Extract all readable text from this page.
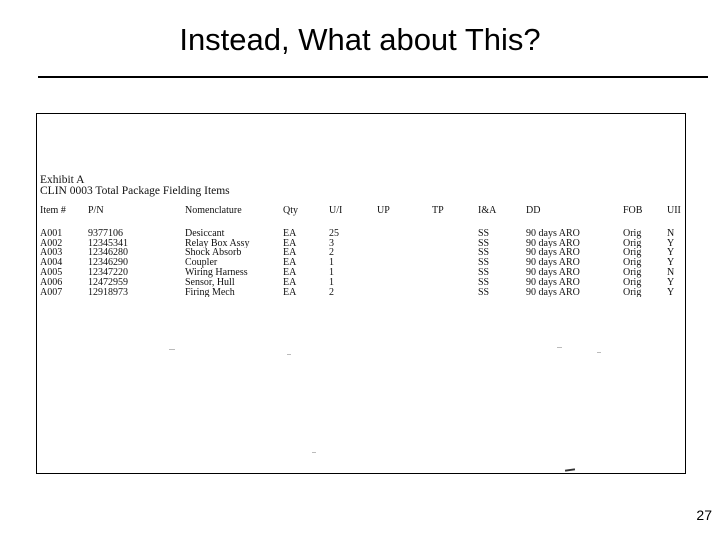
Instead, What about This?
Exhibit A
CLIN 0003 Total Package Fielding Items
Item #	P/N	Nomenclature	Qty	U/I	UP	TP	I&A	DD	FOB	UII
A001	9377106	Desiccant	EA	25			SS	90 days ARO	Orig	N
A002	12345341	Relay Box Assy	EA	3			SS	90 days ARO	Orig	Y
A003	12346280	Shock Absorb	EA	2			SS	90 days ARO	Orig	Y
A004	12346290	Coupler	EA	1			SS	90 days ARO	Orig	Y
A005	12347220	Wiring Harness	EA	1			SS	90 days ARO	Orig	N
A006	12472959	Sensor, Hull	EA	1			SS	90 days ARO	Orig	Y
A007	12918973	Firing Mech	EA	2			SS	90 days ARO	Orig	Y
27
